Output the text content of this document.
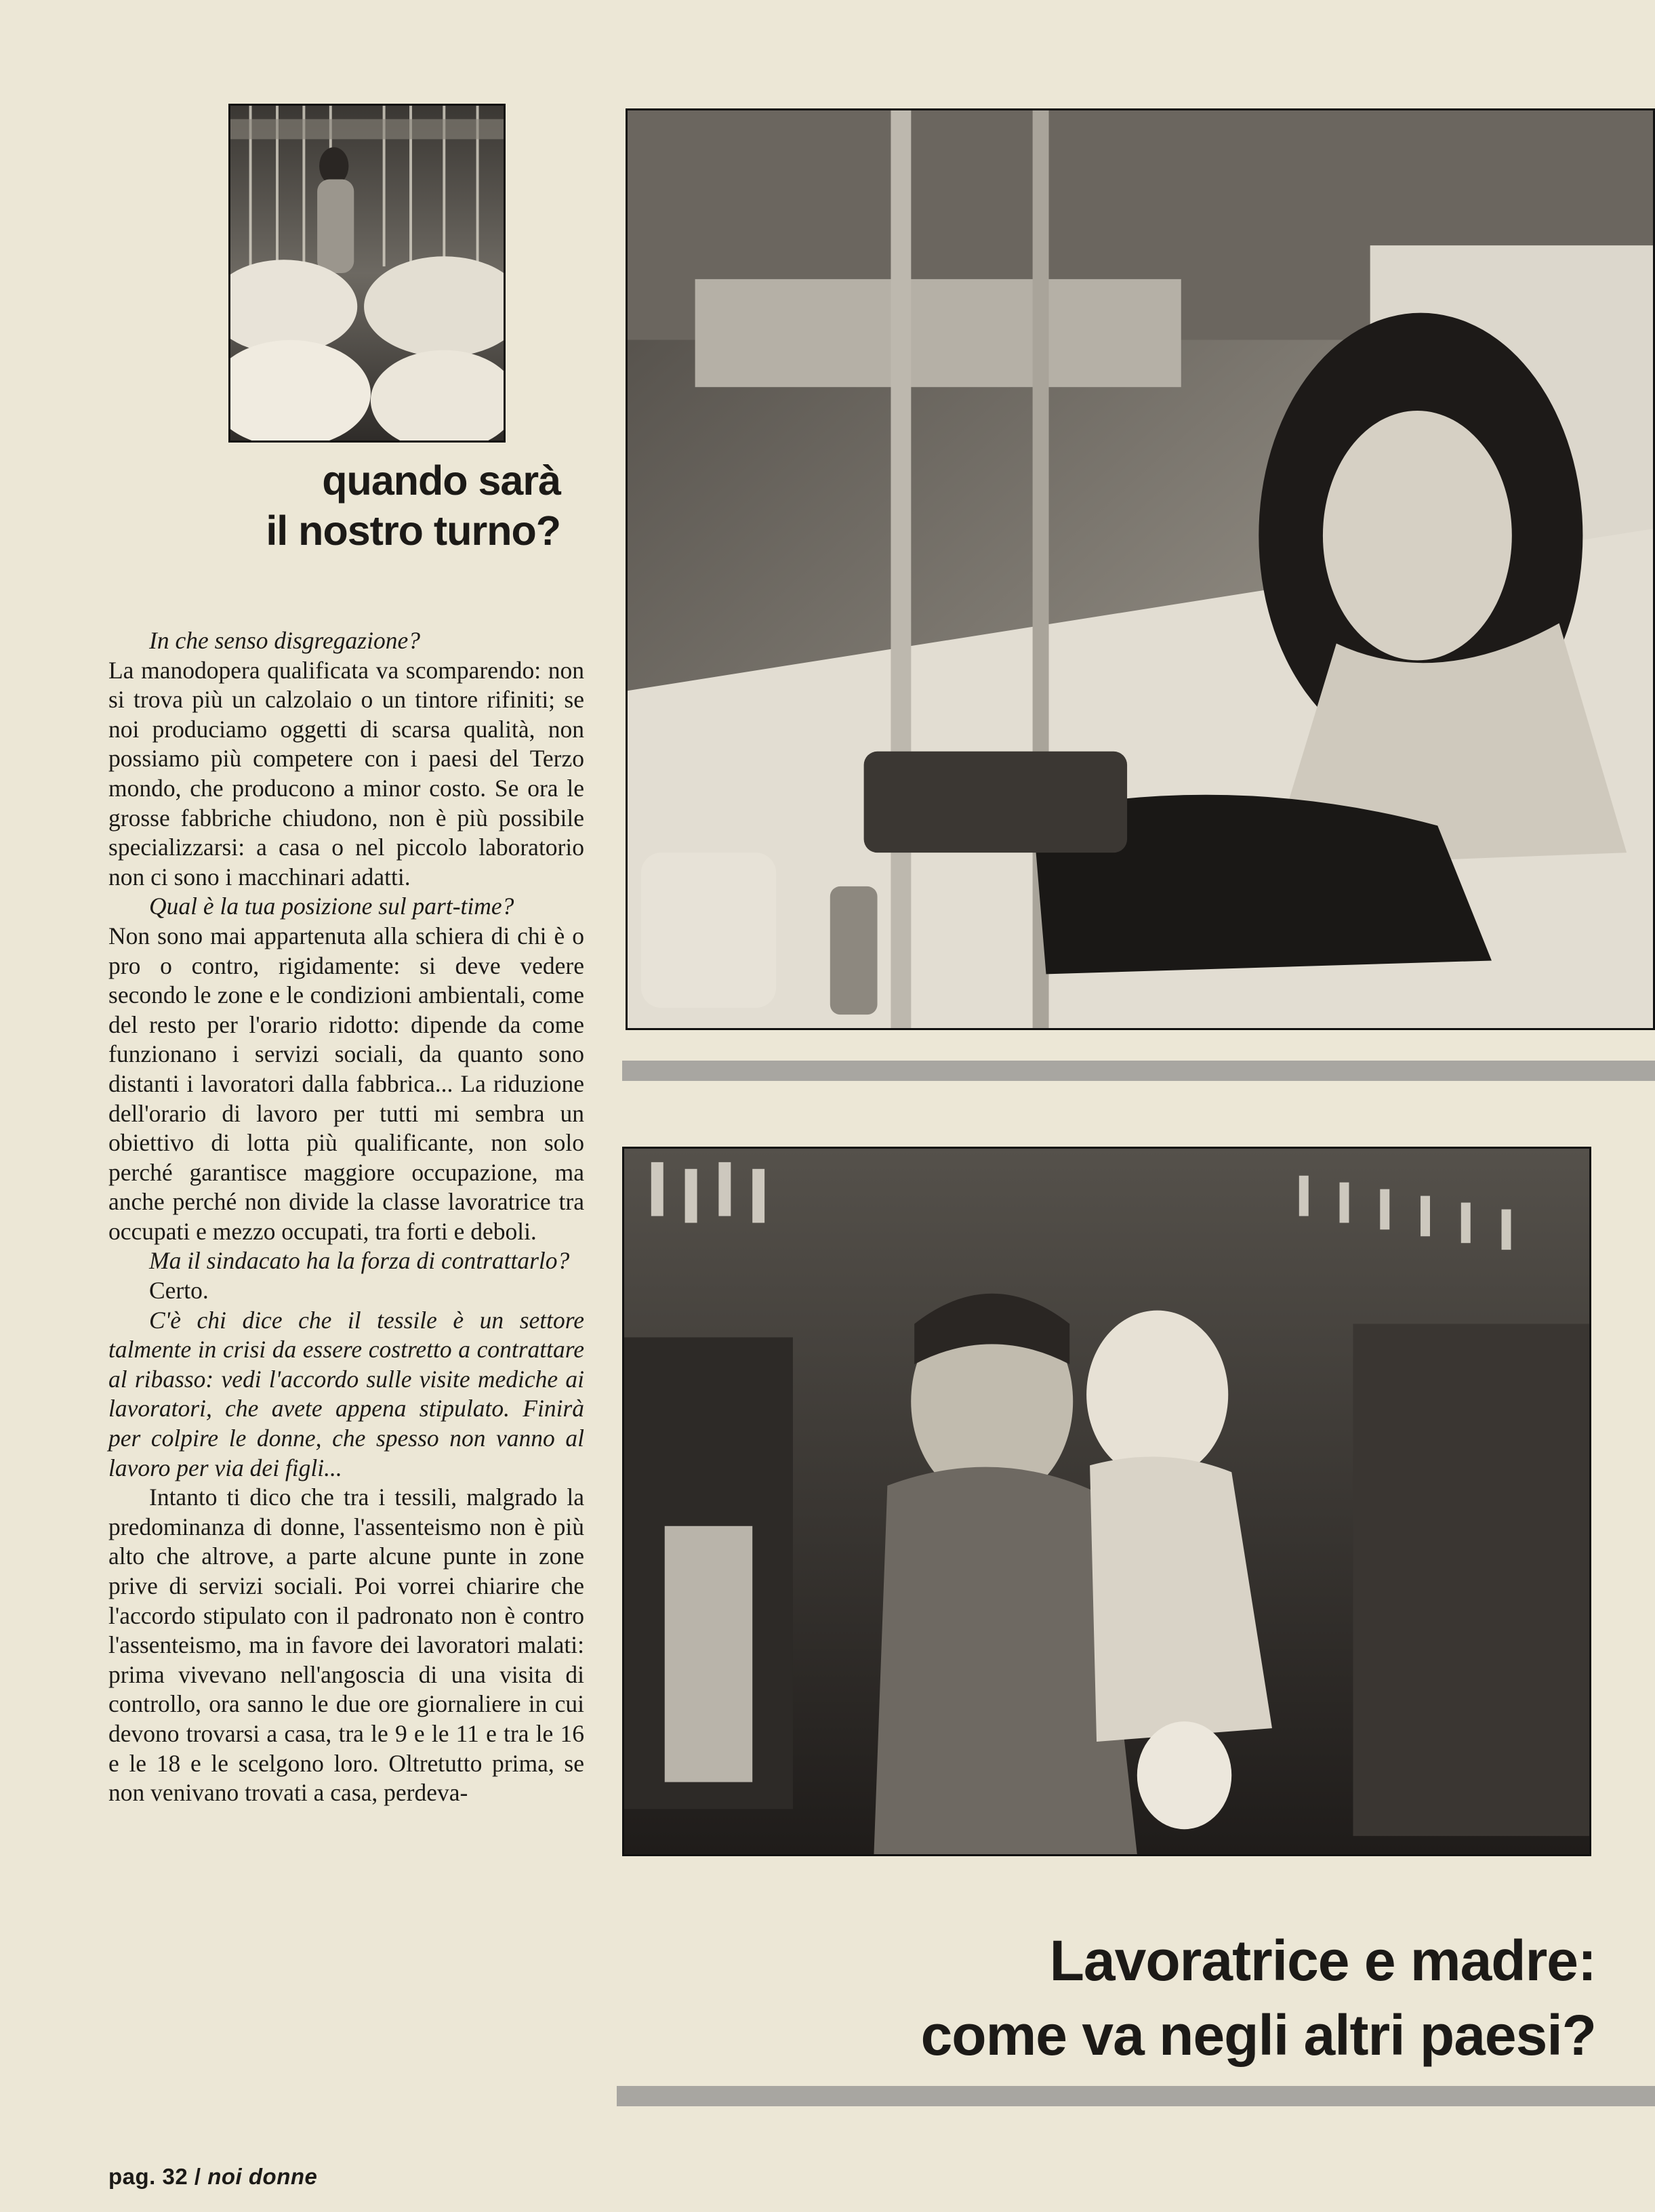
quando sarà
il nostro turno?

In che senso disgregazione?

La manodopera qualificata va scomparendo: non si trova più un calzolaio o un tintore rifiniti; se noi produciamo oggetti di scarsa qualità, non possiamo più competere con i paesi del Terzo mondo, che producono a minor costo. Se ora le grosse fabbriche chiudono, non è più possibile specializzarsi: a casa o nel piccolo laboratorio non ci sono i macchinari adatti.

Qual è la tua posizione sul part-time?

Non sono mai appartenuta alla schiera di chi è o pro o contro, rigidamente: si deve vedere secondo le zone e le condizioni ambientali, come del resto per l'orario ridotto: dipende da come funzionano i servizi sociali, da quanto sono distanti i lavoratori dalla fabbrica... La riduzione dell'orario di lavoro per tutti mi sembra un obiettivo di lotta più qualificante, non solo perché garantisce maggiore occupazione, ma anche perché non divide la classe lavoratrice tra occupati e mezzo occupati, tra forti e deboli.

Ma il sindacato ha la forza di contrattarlo?

Certo.

C'è chi dice che il tessile è un settore talmente in crisi da essere costretto a contrattare al ribasso: vedi l'accordo sulle visite mediche ai lavoratori, che avete appena stipulato. Finirà per colpire le donne, che spesso non vanno al lavoro per via dei figli...

Intanto ti dico che tra i tessili, malgrado la predominanza di donne, l'assenteismo non è più alto che altrove, a parte alcune punte in zone prive di servizi sociali. Poi vorrei chiarire che l'accordo stipulato con il padronato non è contro l'assenteismo, ma in favore dei lavoratori malati: prima vivevano nell'angoscia di una visita di controllo, ora sanno le due ore giornaliere in cui devono trovarsi a casa, tra le 9 e le 11 e tra le 16 e le 18 e le scelgono loro. Oltretutto prima, se non venivano trovati a casa, perdeva-

Lavoratrice e madre:
come va negli altri paesi?
pag. 32 / noi donne
